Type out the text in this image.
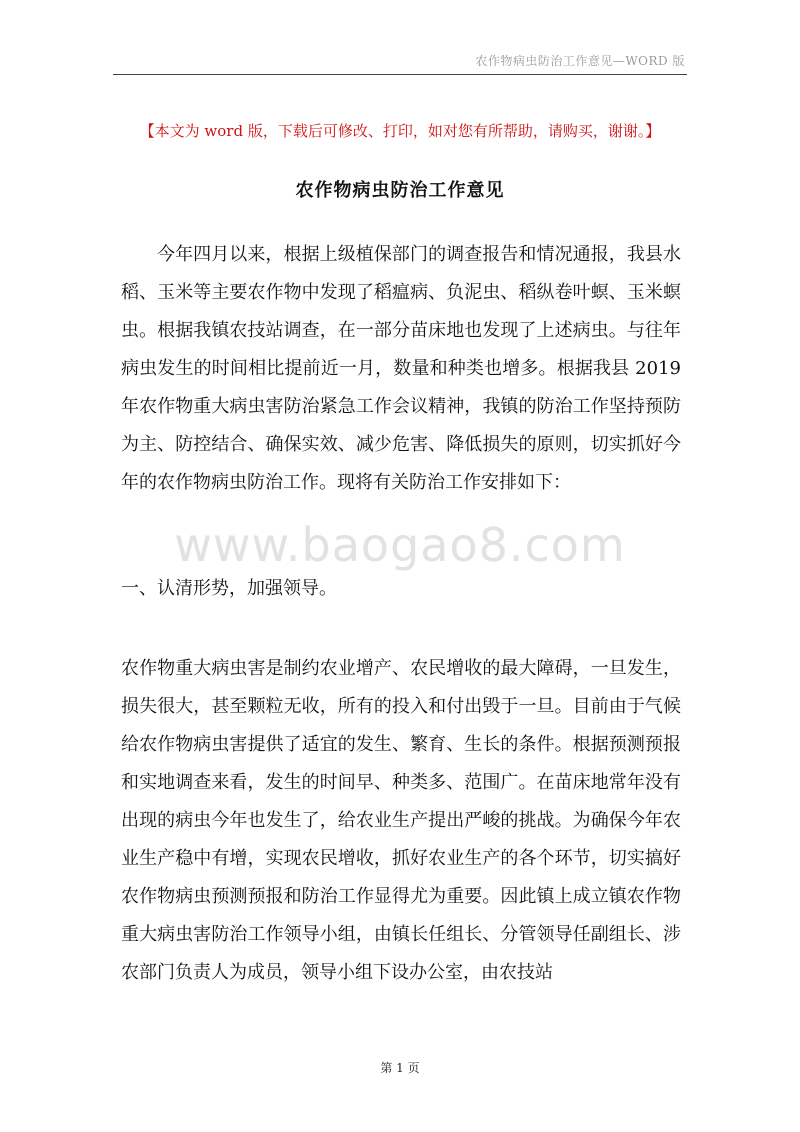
农作物病虫防治工作意见—WORD 版
【本文为 word 版，下载后可修改、打印，如对您有所帮助，请购买，谢谢。】
农作物病虫防治工作意见

今年四月以来，根据上级植保部门的调查报告和情况通报，我县水稻、玉米等主要农作物中发现了稻瘟病、负泥虫、稻纵卷叶螟、玉米螟虫。根据我镇农技站调查，在一部分苗床地也发现了上述病虫。与往年病虫发生的时间相比提前近一月，数量和种类也增多。根据我县 2019 年农作物重大病虫害防治紧急工作会议精神，我镇的防治工作坚持预防为主、防控结合、确保实效、减少危害、降低损失的原则，切实抓好今年的农作物病虫防治工作。现将有关防治工作安排如下：

www.baogao8.com
一、认清形势，加强领导。

农作物重大病虫害是制约农业增产、农民增收的最大障碍，一旦发生，损失很大，甚至颗粒无收，所有的投入和付出毁于一旦。目前由于气候给农作物病虫害提供了适宜的发生、繁育、生长的条件。根据预测预报和实地调查来看，发生的时间早、种类多、范围广。在苗床地常年没有出现的病虫今年也发生了，给农业生产提出严峻的挑战。为确保今年农业生产稳中有增，实现农民增收，抓好农业生产的各个环节，切实搞好农作物病虫预测预报和防治工作显得尤为重要。因此镇上成立镇农作物重大病虫害防治工作领导小组，由镇长任组长、分管领导任副组长、涉农部门负责人为成员，领导小组下设办公室，由农技站

第 1 页
